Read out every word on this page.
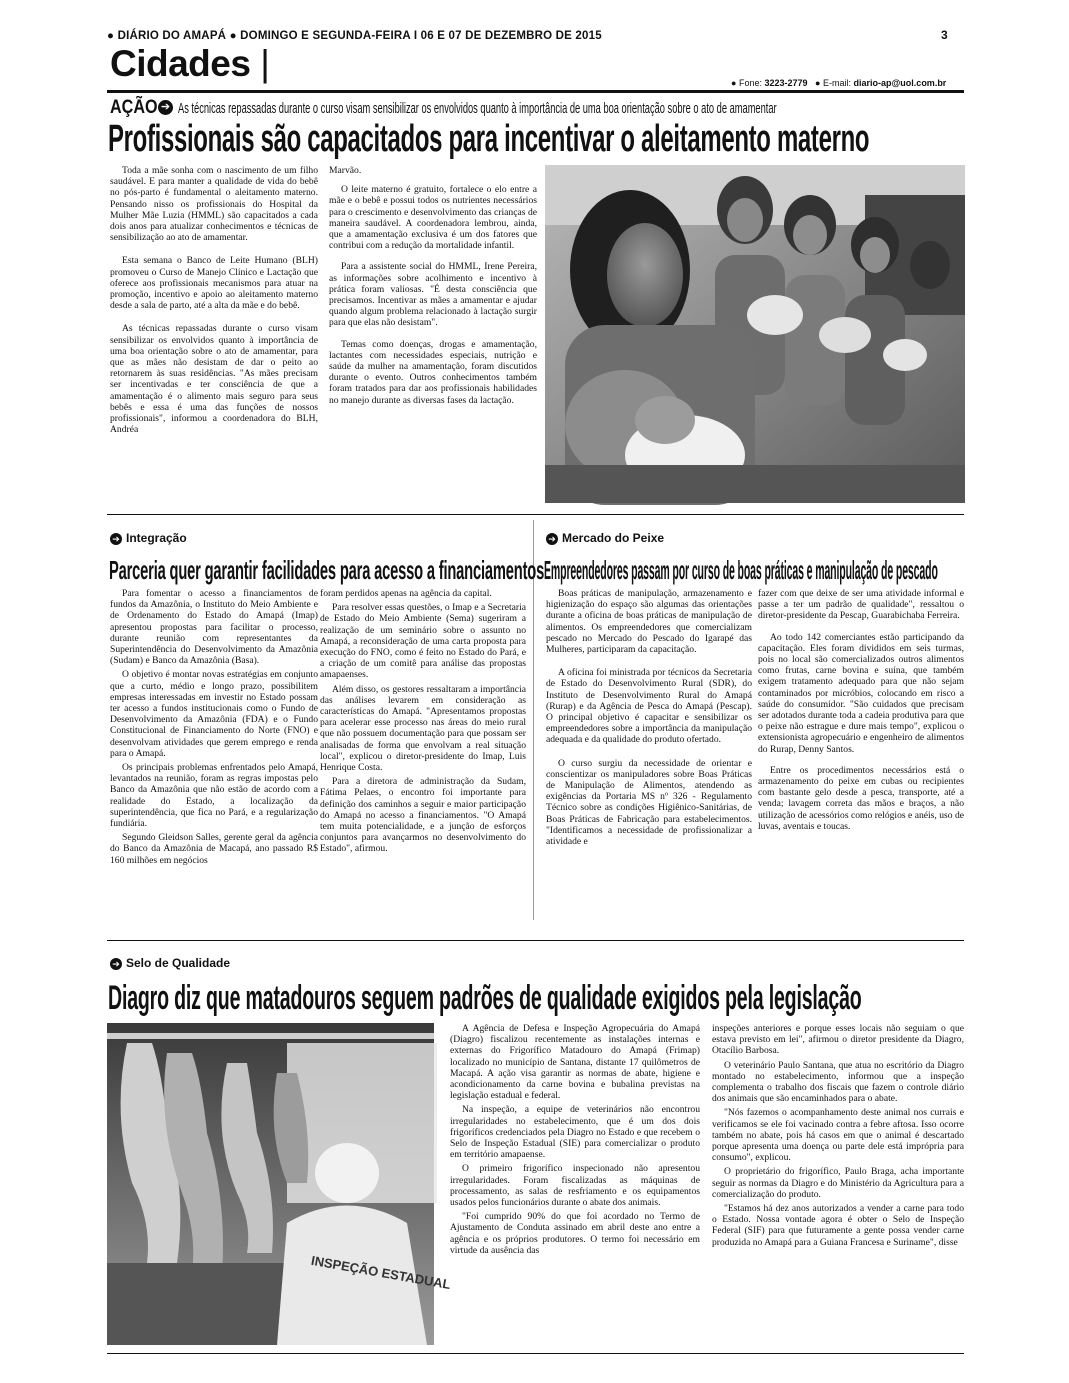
● DIÁRIO DO AMAPÁ ● DOMINGO E SEGUNDA-FEIRA I 06 E 07 DE DEZEMBRO DE 2015	3
Cidades |	● Fone: 3223-2779 ● E-mail: diario-ap@uol.com.br
AÇÃO ➔ As técnicas repassadas durante o curso visam sensibilizar os envolvidos quanto à importância de uma boa orientação sobre o ato de amamentar
Profissionais são capacitados para incentivar o aleitamento materno

Toda a mãe sonha com o nascimento de um filho saudável. E para manter a qualidade de vida do bebê no pós-parto é fundamental o aleitamento materno. Pensando nisso os profissionais do Hospital da Mulher Mãe Luzia (HMML) são capacitados a cada dois anos para atualizar conhecimentos e técnicas de sensibilização ao ato de amamentar.

Esta semana o Banco de Leite Humano (BLH) promoveu o Curso de Manejo Clínico e Lactação que oferece aos profissionais mecanismos para atuar na promoção, incentivo e apoio ao aleitamento materno desde a sala de parto, até a alta da mãe e do bebê.

As técnicas repassadas durante o curso visam sensibilizar os envolvidos quanto à importância de uma boa orientação sobre o ato de amamentar, para que as mães não desistam de dar o peito ao retornarem às suas residências. "As mães precisam ser incentivadas e ter consciência de que a amamentação é o alimento mais seguro para seus bebês e essa é uma das funções de nossos profissionais", informou a coordenadora do BLH, Andréa

Marvão.

O leite materno é gratuito, fortalece o elo entre a mãe e o bebê e possui todos os nutrientes necessários para o crescimento e desenvolvimento das crianças de maneira saudável. A coordenadora lembrou, ainda, que a amamentação exclusiva é um dos fatores que contribui com a redução da mortalidade infantil.

Para a assistente social do HMML, Irene Pereira, as informações sobre acolhimento e incentivo à prática foram valiosas. "É desta consciência que precisamos. Incentivar as mães a amamentar e ajudar quando algum problema relacionado à lactação surgir para que elas não desistam".

Temas como doenças, drogas e amamentação, lactantes com necessidades especiais, nutrição e saúde da mulher na amamentação, foram discutidos durante o evento. Outros conhecimentos também foram tratados para dar aos profissionais habilidades no manejo durante as diversas fases da lactação.

➔ Integração
Parceria quer garantir facilidades para acesso a financiamentos

Para fomentar o acesso a financiamentos de fundos da Amazônia, o Instituto do Meio Ambiente e de Ordenamento do Estado do Amapá (Imap) apresentou propostas para facilitar o processo, durante reunião com representantes da Superintendência do Desenvolvimento da Amazônia (Sudam) e Banco da Amazônia (Basa).

O objetivo é montar novas estratégias em conjunto que a curto, médio e longo prazo, possibilitem empresas interessadas em investir no Estado possam ter acesso a fundos institucionais como o Fundo de Desenvolvimento da Amazônia (FDA) e o Fundo Constitucional de Financiamento do Norte (FNO) e desenvolvam atividades que gerem emprego e renda para o Amapá.

Os principais problemas enfrentados pelo Amapá, levantados na reunião, foram as regras impostas pelo Banco da Amazônia que não estão de acordo com a realidade do Estado, a localização da superintendência, que fica no Pará, e a regularização fundiária.

Segundo Gleidson Salles, gerente geral da agência do Banco da Amazônia de Macapá, ano passado R$ 160 milhões em negócios

foram perdidos apenas na agência da capital.

Para resolver essas questões, o Imap e a Secretaria de Estado do Meio Ambiente (Sema) sugeriram a realização de um seminário sobre o assunto no Amapá, a reconsideração de uma carta proposta para execução do FNO, como é feito no Estado do Pará, e a criação de um comitê para análise das propostas amapaenses.

Além disso, os gestores ressaltaram a importância das análises levarem em consideração as características do Amapá. "Apresentamos propostas para acelerar esse processo nas áreas do meio rural que não possuem documentação para que possam ser analisadas de forma que envolvam a real situação local", explicou o diretor-presidente do Imap, Luis Henrique Costa.

Para a diretora de administração da Sudam, Fátima Pelaes, o encontro foi importante para definição dos caminhos a seguir e maior participação do Amapá no acesso a financiamentos. "O Amapá tem muita potencialidade, e a junção de esforços conjuntos para avançarmos no desenvolvimento do Estado", afirmou.

➔ Mercado do Peixe
Empreendedores passam por curso de boas práticas e manipulação de pescado

Boas práticas de manipulação, armazenamento e higienização do espaço são algumas das orientações durante a oficina de boas práticas de manipulação de alimentos. Os empreendedores que comercializam pescado no Mercado do Pescado do Igarapé das Mulheres, participaram da capacitação.

A oficina foi ministrada por técnicos da Secretaria de Estado do Desenvolvimento Rural (SDR), do Instituto de Desenvolvimento Rural do Amapá (Rurap) e da Agência de Pesca do Amapá (Pescap). O principal objetivo é capacitar e sensibilizar os empreendedores sobre a importância da manipulação adequada e da qualidade do produto ofertado.

O curso surgiu da necessidade de orientar e conscientizar os manipuladores sobre Boas Práticas de Manipulação de Alimentos, atendendo as exigências da Portaria MS nº 326 - Regulamento Técnico sobre as condições Higiênico-Sanitárias, de Boas Práticas de Fabricação para estabelecimentos. "Identificamos a necessidade de profissionalizar a atividade e

fazer com que deixe de ser uma atividade informal e passe a ter um padrão de qualidade", ressaltou o diretor-presidente da Pescap, Guarabichaba Ferreira.

Ao todo 142 comerciantes estão participando da capacitação. Eles foram divididos em seis turmas, pois no local são comercializados outros alimentos como frutas, carne bovina e suína, que também exigem tratamento adequado para que não sejam contaminados por micróbios, colocando em risco a saúde do consumidor. "São cuidados que precisam ser adotados durante toda a cadeia produtiva para que o peixe não estrague e dure mais tempo", explicou o extensionista agropecuário e engenheiro de alimentos do Rurap, Denny Santos.

Entre os procedimentos necessários está o armazenamento do peixe em cubas ou recipientes com bastante gelo desde a pesca, transporte, até a venda; lavagem correta das mãos e braços, a não utilização de acessórios como relógios e anéis, uso de luvas, aventais e toucas.

➔ Selo de Qualidade
Diagro diz que matadouros seguem padrões de qualidade exigidos pela legislação
INSPEÇÃO ESTADUAL

A Agência de Defesa e Inspeção Agropecuária do Amapá (Diagro) fiscalizou recentemente as instalações internas e externas do Frigorífico Matadouro do Amapá (Frimap) localizado no município de Santana, distante 17 quilômetros de Macapá. A ação visa garantir as normas de abate, higiene e acondicionamento da carne bovina e bubalina previstas na legislação estadual e federal.

Na inspeção, a equipe de veterinários não encontrou irregularidades no estabelecimento, que é um dos dois frigoríficos credenciados pela Diagro no Estado e que recebem o Selo de Inspeção Estadual (SIE) para comercializar o produto em território amapaense.

O primeiro frigorífico inspecionado não apresentou irregularidades. Foram fiscalizadas as máquinas de processamento, as salas de resfriamento e os equipamentos usados pelos funcionários durante o abate dos animais.

"Foi cumprido 90% do que foi acordado no Termo de Ajustamento de Conduta assinado em abril deste ano entre a agência e os próprios produtores. O termo foi necessário em virtude da ausência das

inspeções anteriores e porque esses locais não seguiam o que estava previsto em lei", afirmou o diretor presidente da Diagro, Otacílio Barbosa.

O veterinário Paulo Santana, que atua no escritório da Diagro montado no estabelecimento, informou que a inspeção complementa o trabalho dos fiscais que fazem o controle diário dos animais que são encaminhados para o abate.

"Nós fazemos o acompanhamento deste animal nos currais e verificamos se ele foi vacinado contra a febre aftosa. Isso ocorre também no abate, pois há casos em que o animal é descartado porque apresenta uma doença ou parte dele está imprópria para consumo", explicou.

O proprietário do frigorífico, Paulo Braga, acha importante seguir as normas da Diagro e do Ministério da Agricultura para a comercialização do produto.

"Estamos há dez anos autorizados a vender a carne para todo o Estado. Nossa vontade agora é obter o Selo de Inspeção Federal (SIF) para que futuramente a gente possa vender carne produzida no Amapá para a Guiana Francesa e Suriname", disse
